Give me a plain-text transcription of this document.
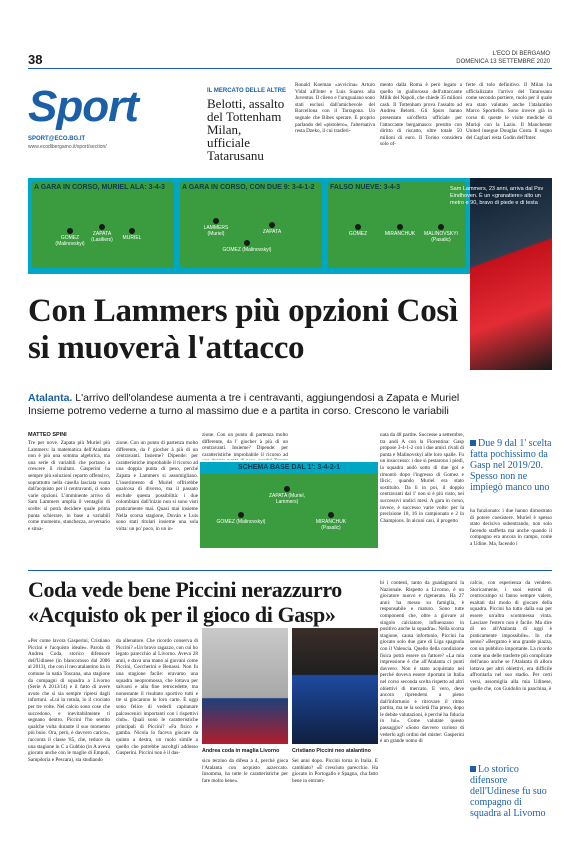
38	L'ECO DI BERGAMO
DOMENICA 13 SETTEMBRE 2020
Sport
SPORT@ECO.BG.IT
www.ecodibergamo.it/sport/section/
IL MERCATO DELLE ALTRE
Belotti, assalto del Tottenham Milan, ufficiale Tatarusanu
Ronald Koeman «avvicina» Arturo Vidal all'Inter e Luis Suarez alla Juventus. Il cileno e l'uruguaiano sono stati esclusi dall'amichevole del Barcellona con il Tarragona. Un segnale che Bibes sperare. E proprio parlando del «pistolero», l'alternativa resta Dzeko, il cui trasferi-
mento dalla Roma è però legato a quello in giallorosso dell'attaccante Milik del Napoli, che chiede 35 milioni cash. Il Tottenham prova l'assalto ad Andrea Belotti. Gli Spurs hanno presentato un'offerta ufficiale per l'attaccante bergamasco: prestito con diritto di riscatto, oltre totale 50 milioni di euro. Il Torino considera solo of-
ferte di tolo definitivo. Il Milan ha ufficializzato l'arrivo del Tatarusanu come secondo portiere, ruolo per il quale era stato valutato anche l'atalantino Marco Sportiello. Sono invece già in corso di queste le visite mediche di Muriqi con la Lazio. Il Manchester United insegue Douglas Costa. Il sogno del Cagliari resta Godin dell'Inter.
A GARA IN CORSO, MURIEL ALA: 3-4-3
GOMEZ (Malinovskyi)
ZAPATA (Lasiliers)	MURIEL
A GARA IN CORSO, CON DUE 9: 3-4-1-2
LAMMERS (Muriel)	ZAPATA
GOMEZ (Malinovskyi)
FALSO NUEVE: 3-4-3
GOMEZ	MIRANCHUK	MALINOVSKYI (Pasalic)
Sam Lammers, 23 anni, arriva dal Psv Eindhoven. È un «granatiere» alto un metro e 90, bravo di piede e di testa
Con Lammers più opzioni Così si muoverà l'attacco
Atalanta. L'arrivo dell'olandese aumenta a tre i centravanti, aggiungendosi a Zapata e Muriel Insieme potremo vederne a turno al massimo due e a partita in corso. Crescono le variabili
MATTEO SPINI
Tre per nove. Zapata più Muriel più Lammers: la matematica dell'Atalanta non è più una somma algebrica, ma una serie di variabili che portano a crescere il risultato. Gasperini ha sempre più soluzioni reparto offensivo, soprattutto nella casella lasciata vuota dall'acquisto per il centravanti, ci sono varie opzioni. L'imminente arrivo di Sam Lammers amplia il ventaglio di scelte: si potrà decidere quale prima punta schierare, in base a variabili come momento, stanchezza, avversario e situa-
zione. Con un punto di partenza molto differente, da l' giocher à più di un centravanti. Insieme? Dipende: per caratteristiche improbabile il ricorso ad una doppia punta di peso, perché Zapata e Lammers si assomigliano. L'inserimento di Muriel offrirebbe qualcosa di diverso, ma il passato esclude questa possibilità: i due colombiani dall'inizio non si sono visti praticamente mai. Quasi mai insieme Nella scorsa stagione, Duván e Luis sono stati titolari insieme una sola volta: un po' poco, in un in-
zione. Con un punto di partenza molto differente, da l' giocher à più di un centravanti. Insieme? Dipende: per caratteristiche improbabile il ricorso ad
SCHEMA BASE DAL 1': 3-4-2-1
ZAPATA (Muriel, Lammers)
GOMEZ (Malinovskyi)	MIRANCHUK (Pasalic)
nata da 48 partite. Successe a settembre, tra andi A con la Fiorentina: Gasp propose 3-4-1-2 con i due amici rivali di punta e Malinovskyi alle loro spalle. Fu un insuccesso: i due si pestarono i piedi, la squadra andò sotto di due gol e rimontò dopo l'ingresso di Gomez e Ilicic, quando Muriel era stato sostituito. Da lì in poi, il doppio centravanti dal 1' non si è più visto, nei successivi undici mesi. A gara in corso, invece, è successo varie volte: per la precisione 18, 16 in campionato e 2 in Champions. In alcuni casi, il progetto
Due 9 dal 1' scelta fatta pochissimo da Gasp nel 2019/20. Spesso non ne impiegò manco uno
ha funzionato: i due hanno dimostrato di potere coesistere. Muriel è spesso stato decisivo subentrando, non solo facendo staffetta ma anche quando il compagno era ancora in campo, come a Udine. Ma, facendo i
Coda vede bene Piccini nerazzurro «Acquisto ok per il gioco di Gasp»
«Per come lavora Gasperini, Cristiano Piccini è l'acquisto ideale». Parola di Andrea Coda, storico difensore dell'Udinese (in blancorosso dal 2006 al 2013), che con il neo atalantino ha in comune la natia Toscana, una stagione da compagni di squadra a Livorno (Serie A 2013/14) e il fatto di avere avuto che si sia sempre ripresi dagli infortuni. «Lui la rotula, io il crociato per tre volte. Nel calcio sono cose che succedono, e inevitabilmente ti segnano dentro. Piccini l'ho sentito qualche volta durante il suo momento più buio. Ora, però, è davvero carico», racconta il classe '85, che, reduce da una stagione in C a Gubbio (in A aveva giocato anche con le maglie di Empoli, Sampdoria e Pescara), sta studiando
da allenatore. Che ricordo conserva di Piccini? «Un bravo ragazzo, con cui ho legato parecchio al Livorno. Aveva 28 anni, e dava una mano ai giovani come Piccini, Ceccherini e Benassi. Non fu una stagione facile: eravamo una squadra neopromossa, che lottava per salvarsi e alla fine retrocedette, ma nonostante il risultato sportivo tutti e tre si giocarono le loro carte. E oggi sono felice di vederli capitanare palcoscenici importanti con i rispettivi club». Quali sono le caratteristiche principali di Piccini? «Fa fisico e gamba. Nicola lo faceva giocare da quinto a destra, un ruolo simile a quello che potrebbe ascoltgli addosso Gasperini. Piccini non è il das-	Andrea coda in maglia Livorno Cristiano Piccini neo atalantino
sico terzino da difesa a 4, perché gioca l'Atalanta con acquisto azzeccato. Insomma, ha tutte le caratteristiche per fare molto bene».
Sei anni dopo. Piccini torna in Italia. È cambiato? «È cresciuto parecchio. Ha giocato in Portogallo e Spagna, cha fatto bene in entram-
bi i contesti, tanto da guadagnarsi la Nazionale. Rispetto a Livorno, è un giocatore nuovo e rigenerato. Ha 27 anni: ha messo su famiglia, è responsabile e maturo. Sono tutte componenti che, oltre a giovare al singolo calciatore, influenzano in positivo anche la squadra». Nella scorsa stagione, causa infortunio, Piccini ha giocato solo due gare di Liga spagnola con il Valencia. Quello della condizione fisica potrà essere un fattore? «La mia impressione è che all'Atalanta ci punti davvero. Non è stato acquistato nel perché doveva essere riportato in Italia nel corso seconda scelta rispetto ad altri obiettivi di mercato. E vero, deve ancora riprendersi a pieno dall'infortunio e ritrovare il ritmo partita, ma se la società l'ha preso, dopo le debite valutazioni, è perché ha fiducia in lui». Come valutate questo passaggio? «Sono davvero curioso di vederlo agli ordini del mister: Gasperini è un grande uomo di
calcio, con esperienza da vendere. Storicamente, i suoi esterni di centrocampo si fanno sempre valere, esaltati dal modo di giocare della squadra. Piccini ha tutto dalla sua per essere un'altra scommessa vinta. Lasciare l'estero non è facile. Ma dire di no all'Atalanta di oggi è praticamente impossibile». In che senso? «Bergamo è una grande piazza, con un pubblico importante. La ricordo come una delle trasferte più complicate dell'anno anche se l'Atalanta di allora lottava per altri obiettivi, era difficile affrontarla nel suo stadio. Per certi versi, assomiglia alla mia Udinese, quelle che, con Guidolin in panchina, è
Lo storico difensore dell'Udinese fu suo compagno di squadra al Livorno
